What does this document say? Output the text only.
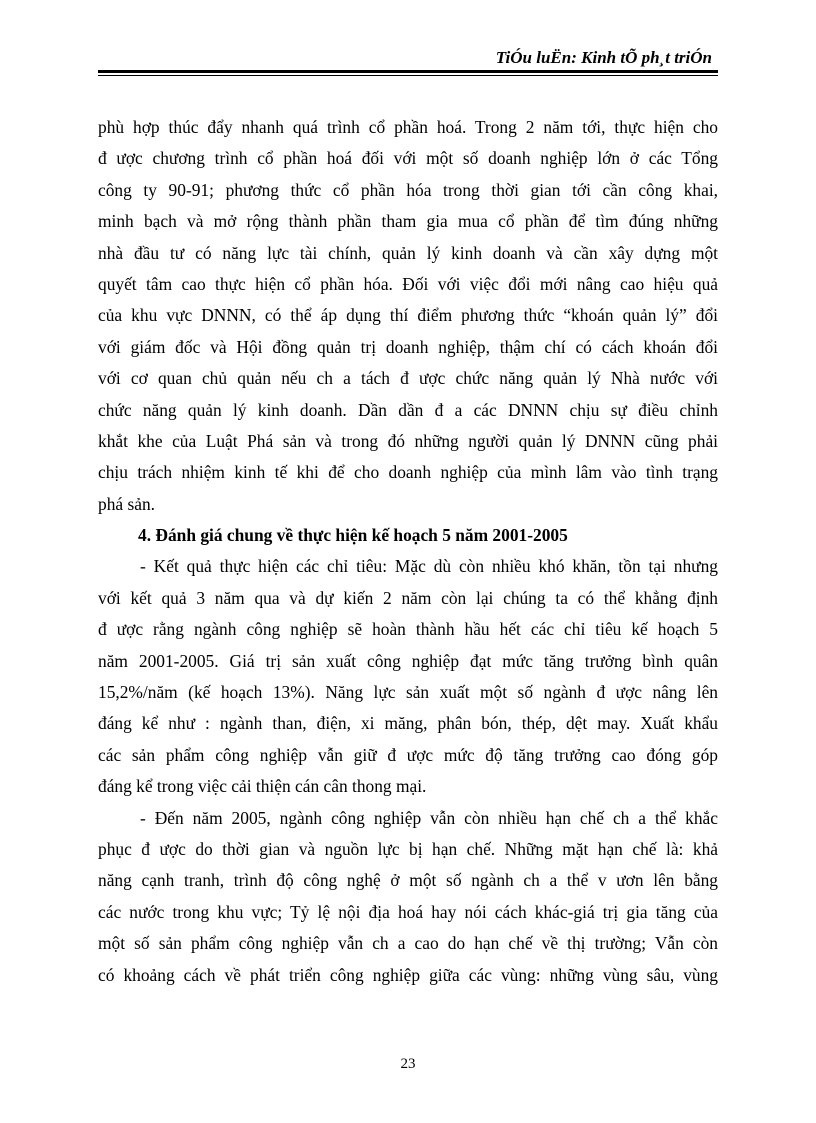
TiÓu luËn: Kinh tÕ ph¸t triÓn
phù hợp thúc đẩy nhanh quá trình cổ phần hoá. Trong 2 năm tới, thực hiện cho
đ ược chương trình cổ phần hoá đối với một số doanh nghiệp lớn ở các Tổng
công ty 90-91; phương thức cổ phần hóa trong thời gian tới cần công khai,
minh bạch và mở rộng thành phần tham gia mua cổ phần để tìm đúng những
nhà đầu tư có năng lực tài chính, quản lý kinh doanh và cần xây dựng một
quyết tâm cao thực hiện cổ phần hóa. Đối với việc đổi mới nâng cao hiệu quả
của khu vực DNNN, có thể áp dụng thí điểm phương thức “khoán quản lý” đổi
với giám đốc và Hội đồng quản trị doanh nghiệp, thậm chí có cách khoán đổi
với cơ quan chủ quản nếu ch a tách đ ược chức năng quản lý Nhà nước với
chức năng quản lý kinh doanh. Dần dần đ a các DNNN chịu sự điều chỉnh
khắt khe của Luật Phá sản và trong đó những người quản lý DNNN cũng phải
chịu trách nhiệm kinh tế khi để cho doanh nghiệp của mình lâm vào tình trạng
phá sản.
4. Đánh giá chung về thực hiện kế hoạch 5 năm 2001-2005
- Kết quả thực hiện các chỉ tiêu: Mặc dù còn nhiều khó khăn, tồn tại nhưng
với kết quả 3 năm qua và dự kiến 2 năm còn lại chúng ta có thể khẳng định
đ ược rằng ngành công nghiệp sẽ hoàn thành hầu hết các chỉ tiêu kế hoạch 5
năm 2001-2005. Giá trị sản xuất công nghiệp đạt mức tăng trưởng bình quân
15,2%/năm (kế hoạch 13%). Năng lực sản xuất một số ngành đ ược nâng lên
đáng kể như : ngành than, điện, xi măng, phân bón, thép, dệt may. Xuất khẩu
các sản phẩm công nghiệp vẫn giữ đ ược mức độ tăng trưởng cao đóng góp
đáng kể trong việc cải thiện cán cân thong mại.
- Đến năm 2005, ngành công nghiệp vẫn còn nhiều hạn chế ch a thể khắc
phục đ ược do thời gian và nguồn lực bị hạn chế. Những mặt hạn chế là: khả
năng cạnh tranh, trình độ công nghệ ở một số ngành ch a thể v ươn lên bằng
các nước trong khu vực; Tỷ lệ nội địa hoá hay nói cách khác-giá trị gia tăng của
một số sản phẩm công nghiệp vẫn ch a cao do hạn chế về thị trường; Vẫn còn
có khoảng cách về phát triển công nghiệp giữa các vùng: những vùng sâu, vùng
23
